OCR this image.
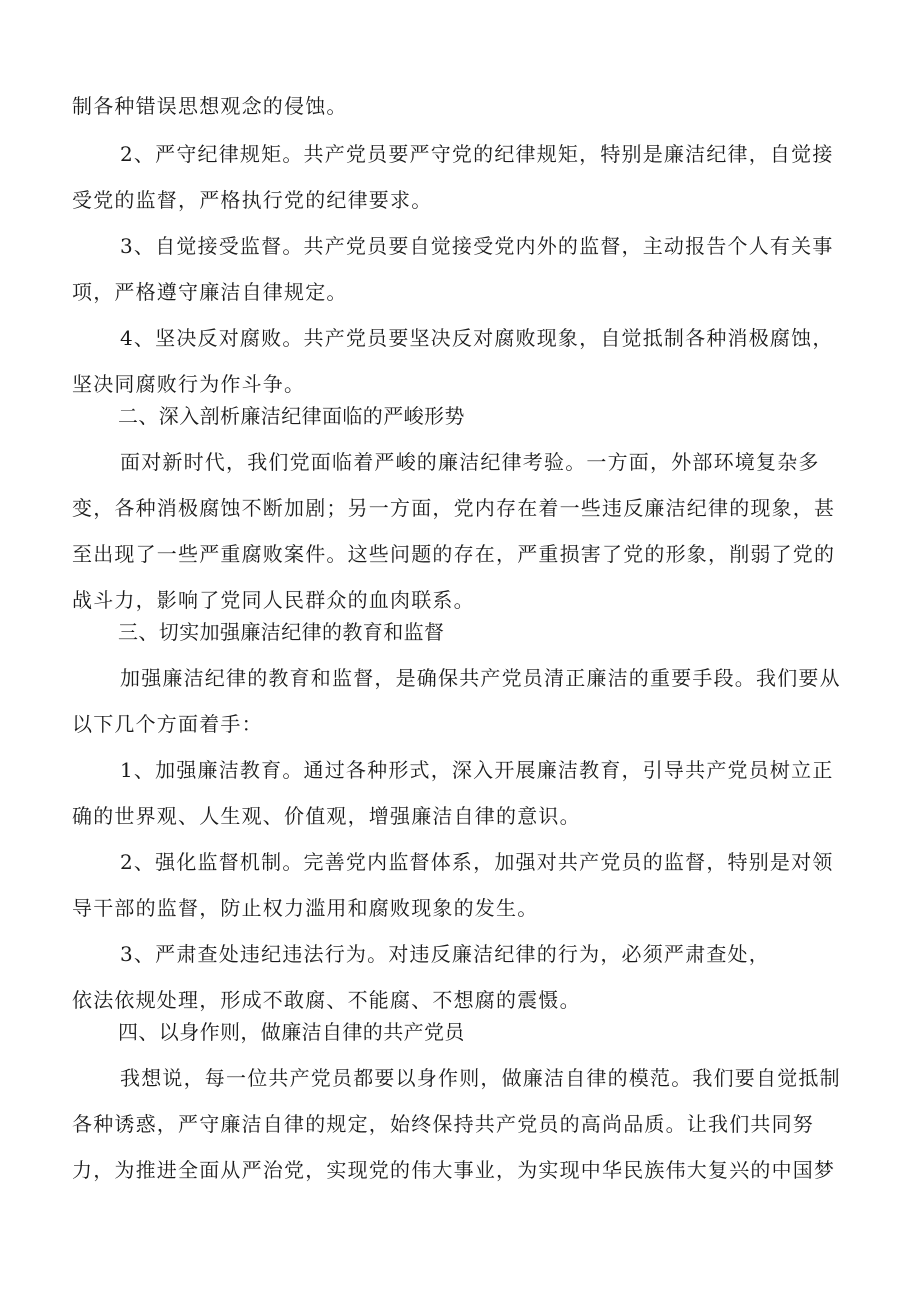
制各种错误思想观念的侵蚀。
2、严守纪律规矩。共产党员要严守党的纪律规矩，特别是廉洁纪律，自觉接
受党的监督，严格执行党的纪律要求。
3、自觉接受监督。共产党员要自觉接受党内外的监督，主动报告个人有关事
项，严格遵守廉洁自律规定。
4、坚决反对腐败。共产党员要坚决反对腐败现象，自觉抵制各种消极腐蚀，
坚决同腐败行为作斗争。
二、深入剖析廉洁纪律面临的严峻形势
面对新时代，我们党面临着严峻的廉洁纪律考验。一方面，外部环境复杂多
变，各种消极腐蚀不断加剧；另一方面，党内存在着一些违反廉洁纪律的现象，甚
至出现了一些严重腐败案件。这些问题的存在，严重损害了党的形象，削弱了党的
战斗力，影响了党同人民群众的血肉联系。
三、切实加强廉洁纪律的教育和监督
加强廉洁纪律的教育和监督，是确保共产党员清正廉洁的重要手段。我们要从
以下几个方面着手：
1、加强廉洁教育。通过各种形式，深入开展廉洁教育，引导共产党员树立正
确的世界观、人生观、价值观，增强廉洁自律的意识。
2、强化监督机制。完善党内监督体系，加强对共产党员的监督，特别是对领
导干部的监督，防止权力滥用和腐败现象的发生。
3、严肃查处违纪违法行为。对违反廉洁纪律的行为，必须严肃查处，
依法依规处理，形成不敢腐、不能腐、不想腐的震慑。
四、以身作则，做廉洁自律的共产党员
我想说，每一位共产党员都要以身作则，做廉洁自律的模范。我们要自觉抵制
各种诱惑，严守廉洁自律的规定，始终保持共产党员的高尚品质。让我们共同努
力，为推进全面从严治党，实现党的伟大事业，为实现中华民族伟大复兴的中国梦
